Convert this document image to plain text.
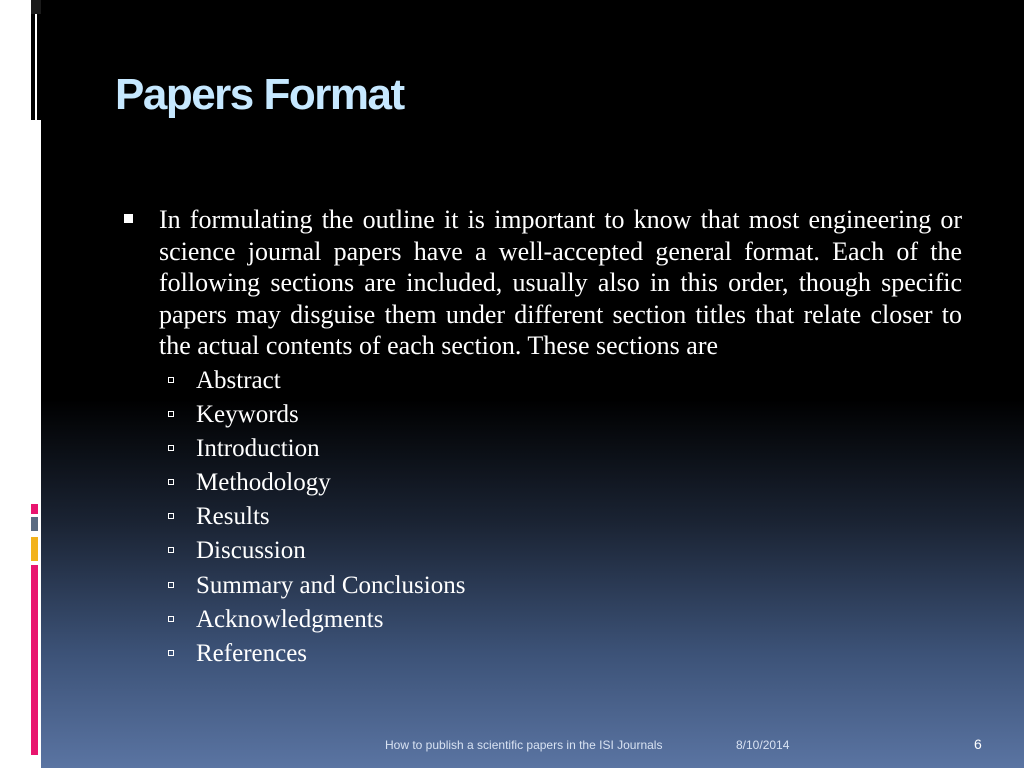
Papers Format

In formulating the outline it is important to know that most engineering or science journal papers have a well-accepted general format. Each of the following sections are included, usually also in this order, though specific papers may disguise them under different section titles that relate closer to the actual contents of each section. These sections are

Abstract
Keywords
Introduction
Methodology
Results
Discussion
Summary and Conclusions
Acknowledgments
References
How to publish a scientific papers in the ISI Journals	8/10/2014	6
